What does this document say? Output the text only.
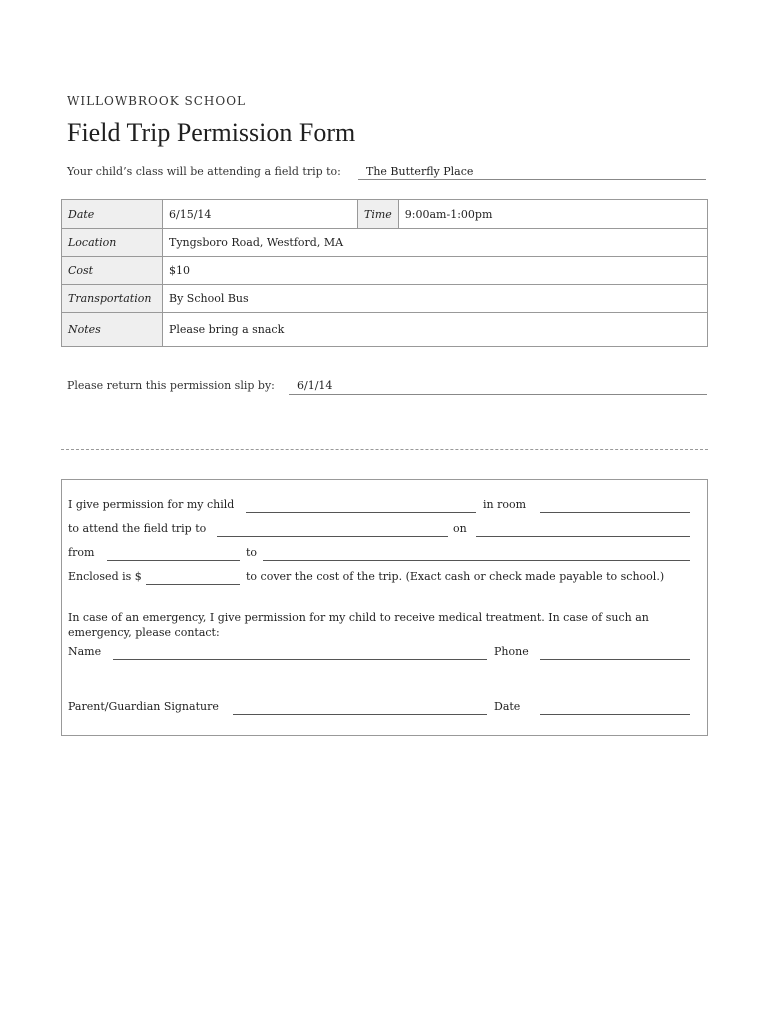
WILLOWBROOK SCHOOL
Field Trip Permission Form
Your child’s class will be attending a field trip to: The Butterfly Place
Date	6/15/14	Time	9:00am-1:00pm
Location	Tyngsboro Road, Westford, MA		
Cost	$10		
Transportation	By School Bus		
Notes	Please bring a snack		
Please return this permission slip by: 6/1/14
I give permission for my child	in room
to attend the field trip to	on
from	to
Enclosed is $	to cover the cost of the trip. (Exact cash or check made payable to school.)
In case of an emergency, I give permission for my child to receive medical treatment. In case of such an emergency, please contact:
Name	Phone
Parent/Guardian Signature	Date
